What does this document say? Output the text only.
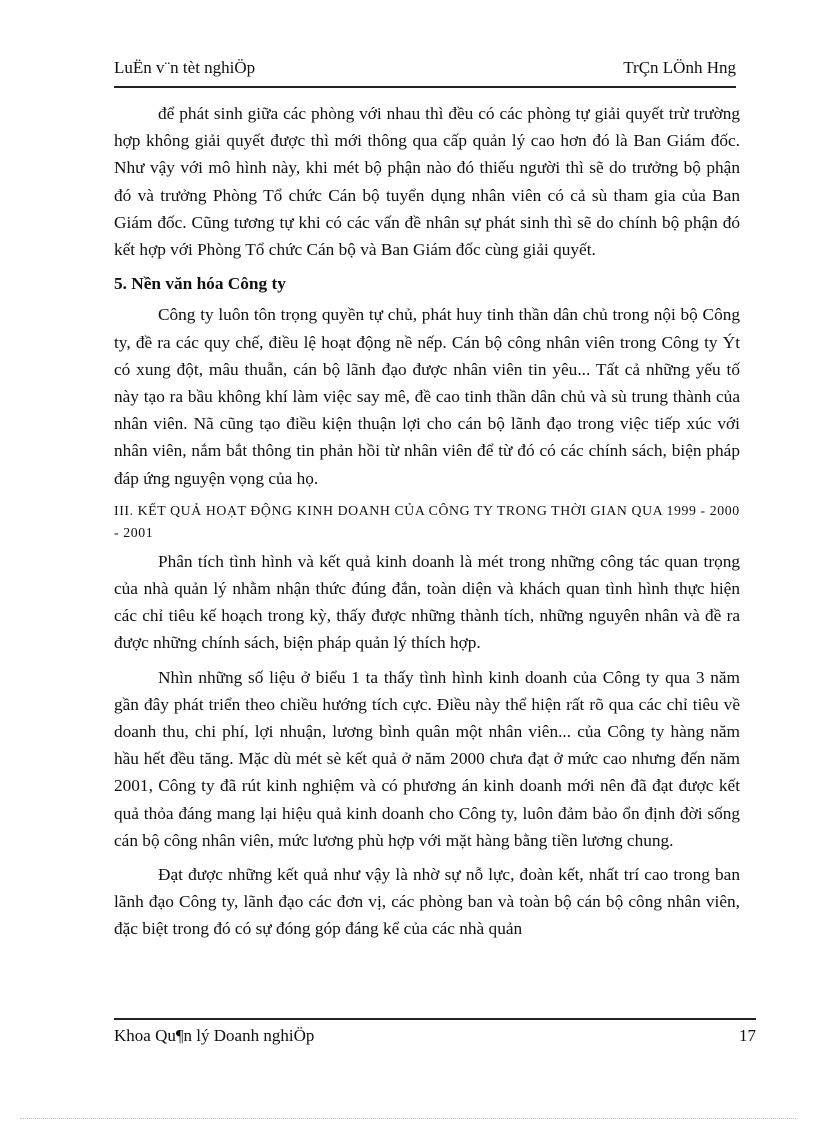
LuËn v¨n tèt nghiÖp	TrÇn LÖnh Hng

để phát sinh giữa các phòng với nhau thì đều có các phòng tự giải quyết trừ trường hợp không giải quyết được thì mới thông qua cấp quản lý cao hơn đó là Ban Giám đốc. Như vậy với mô hình này, khi mét bộ phận nào đó thiếu người thì sẽ do trưởng bộ phận đó và trưởng Phòng Tổ chức Cán bộ tuyển dụng nhân viên có cả sù tham gia của Ban Giám đốc. Cũng tương tự khi có các vấn đề nhân sự phát sinh thì sẽ do chính bộ phận đó kết hợp với Phòng Tổ chức Cán bộ và Ban Giám đốc cùng giải quyết.

5. Nền văn hóa Công ty

Công ty luôn tôn trọng quyền tự chủ, phát huy tinh thần dân chủ trong nội bộ Công ty, đề ra các quy chế, điều lệ hoạt động nề nếp. Cán bộ công nhân viên trong Công ty Ýt có xung đột, mâu thuẫn, cán bộ lãnh đạo được nhân viên tin yêu... Tất cả những yếu tố này tạo ra bầu không khí làm việc say mê, đề cao tinh thần dân chủ và sù trung thành của nhân viên. Nã cũng tạo điều kiện thuận lợi cho cán bộ lãnh đạo trong việc tiếp xúc với nhân viên, nắm bắt thông tin phản hồi từ nhân viên để từ đó có các chính sách, biện pháp đáp ứng nguyện vọng của họ.

III. KẾT QUẢ HOẠT ĐỘNG KINH DOANH CỦA CÔNG TY TRONG THỜI GIAN QUA 1999 - 2000 - 2001

Phân tích tình hình và kết quả kinh doanh là mét trong những công tác quan trọng của nhà quản lý nhằm nhận thức đúng đắn, toàn diện và khách quan tình hình thực hiện các chỉ tiêu kế hoạch trong kỳ, thấy được những thành tích, những nguyên nhân và đề ra được những chính sách, biện pháp quản lý thích hợp.

Nhìn những số liệu ở biểu 1 ta thấy tình hình kinh doanh của Công ty qua 3 năm gần đây phát triển theo chiều hướng tích cực. Điều này thể hiện rất rõ qua các chỉ tiêu về doanh thu, chi phí, lợi nhuận, lương bình quân một nhân viên... của Công ty hàng năm hầu hết đều tăng. Mặc dù mét sè kết quả ở năm 2000 chưa đạt ở mức cao nhưng đến năm 2001, Công ty đã rút kinh nghiệm và có phương án kinh doanh mới nên đã đạt được kết quả thỏa đáng mang lại hiệu quả kinh doanh cho Công ty, luôn đảm bảo ổn định đời sống cán bộ công nhân viên, mức lương phù hợp với mặt hàng bằng tiền lương chung.

Đạt được những kết quả như vậy là nhờ sự nỗ lực, đoàn kết, nhất trí cao trong ban lãnh đạo Công ty, lãnh đạo các đơn vị, các phòng ban và toàn bộ cán bộ công nhân viên, đặc biệt trong đó có sự đóng góp đáng kể của các nhà quản

Khoa Qu¶n lý Doanh nghiÖp	17
